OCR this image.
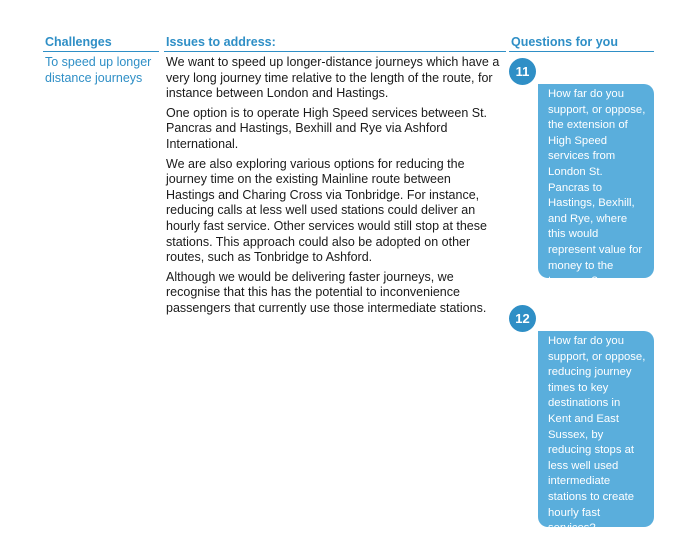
Challenges	Issues to address:	Questions for you
To speed up longer distance journeys

We want to speed up longer-distance journeys which have a very long journey time relative to the length of the route, for instance between London and Hastings.

One option is to operate High Speed services between St. Pancras and Hastings, Bexhill and Rye via Ashford International.

We are also exploring various options for reducing the journey time on the existing Mainline route between Hastings and Charing Cross via Tonbridge. For instance, reducing calls at less well used stations could deliver an hourly fast service. Other services would still stop at these stations. This approach could also be adopted on other routes, such as Tonbridge to Ashford.

Although we would be delivering faster journeys, we recognise that this has the potential to inconvenience passengers that currently use those intermediate stations.

11
How far do you support, or oppose, the extension of High Speed services from London St. Pancras to Hastings, Bexhill, and Rye, where this would represent value for money to the taxpayer?
12
How far do you support, or oppose, reducing journey times to key destinations in Kent and East Sussex, by reducing stops at less well used intermediate stations to create hourly fast services?
